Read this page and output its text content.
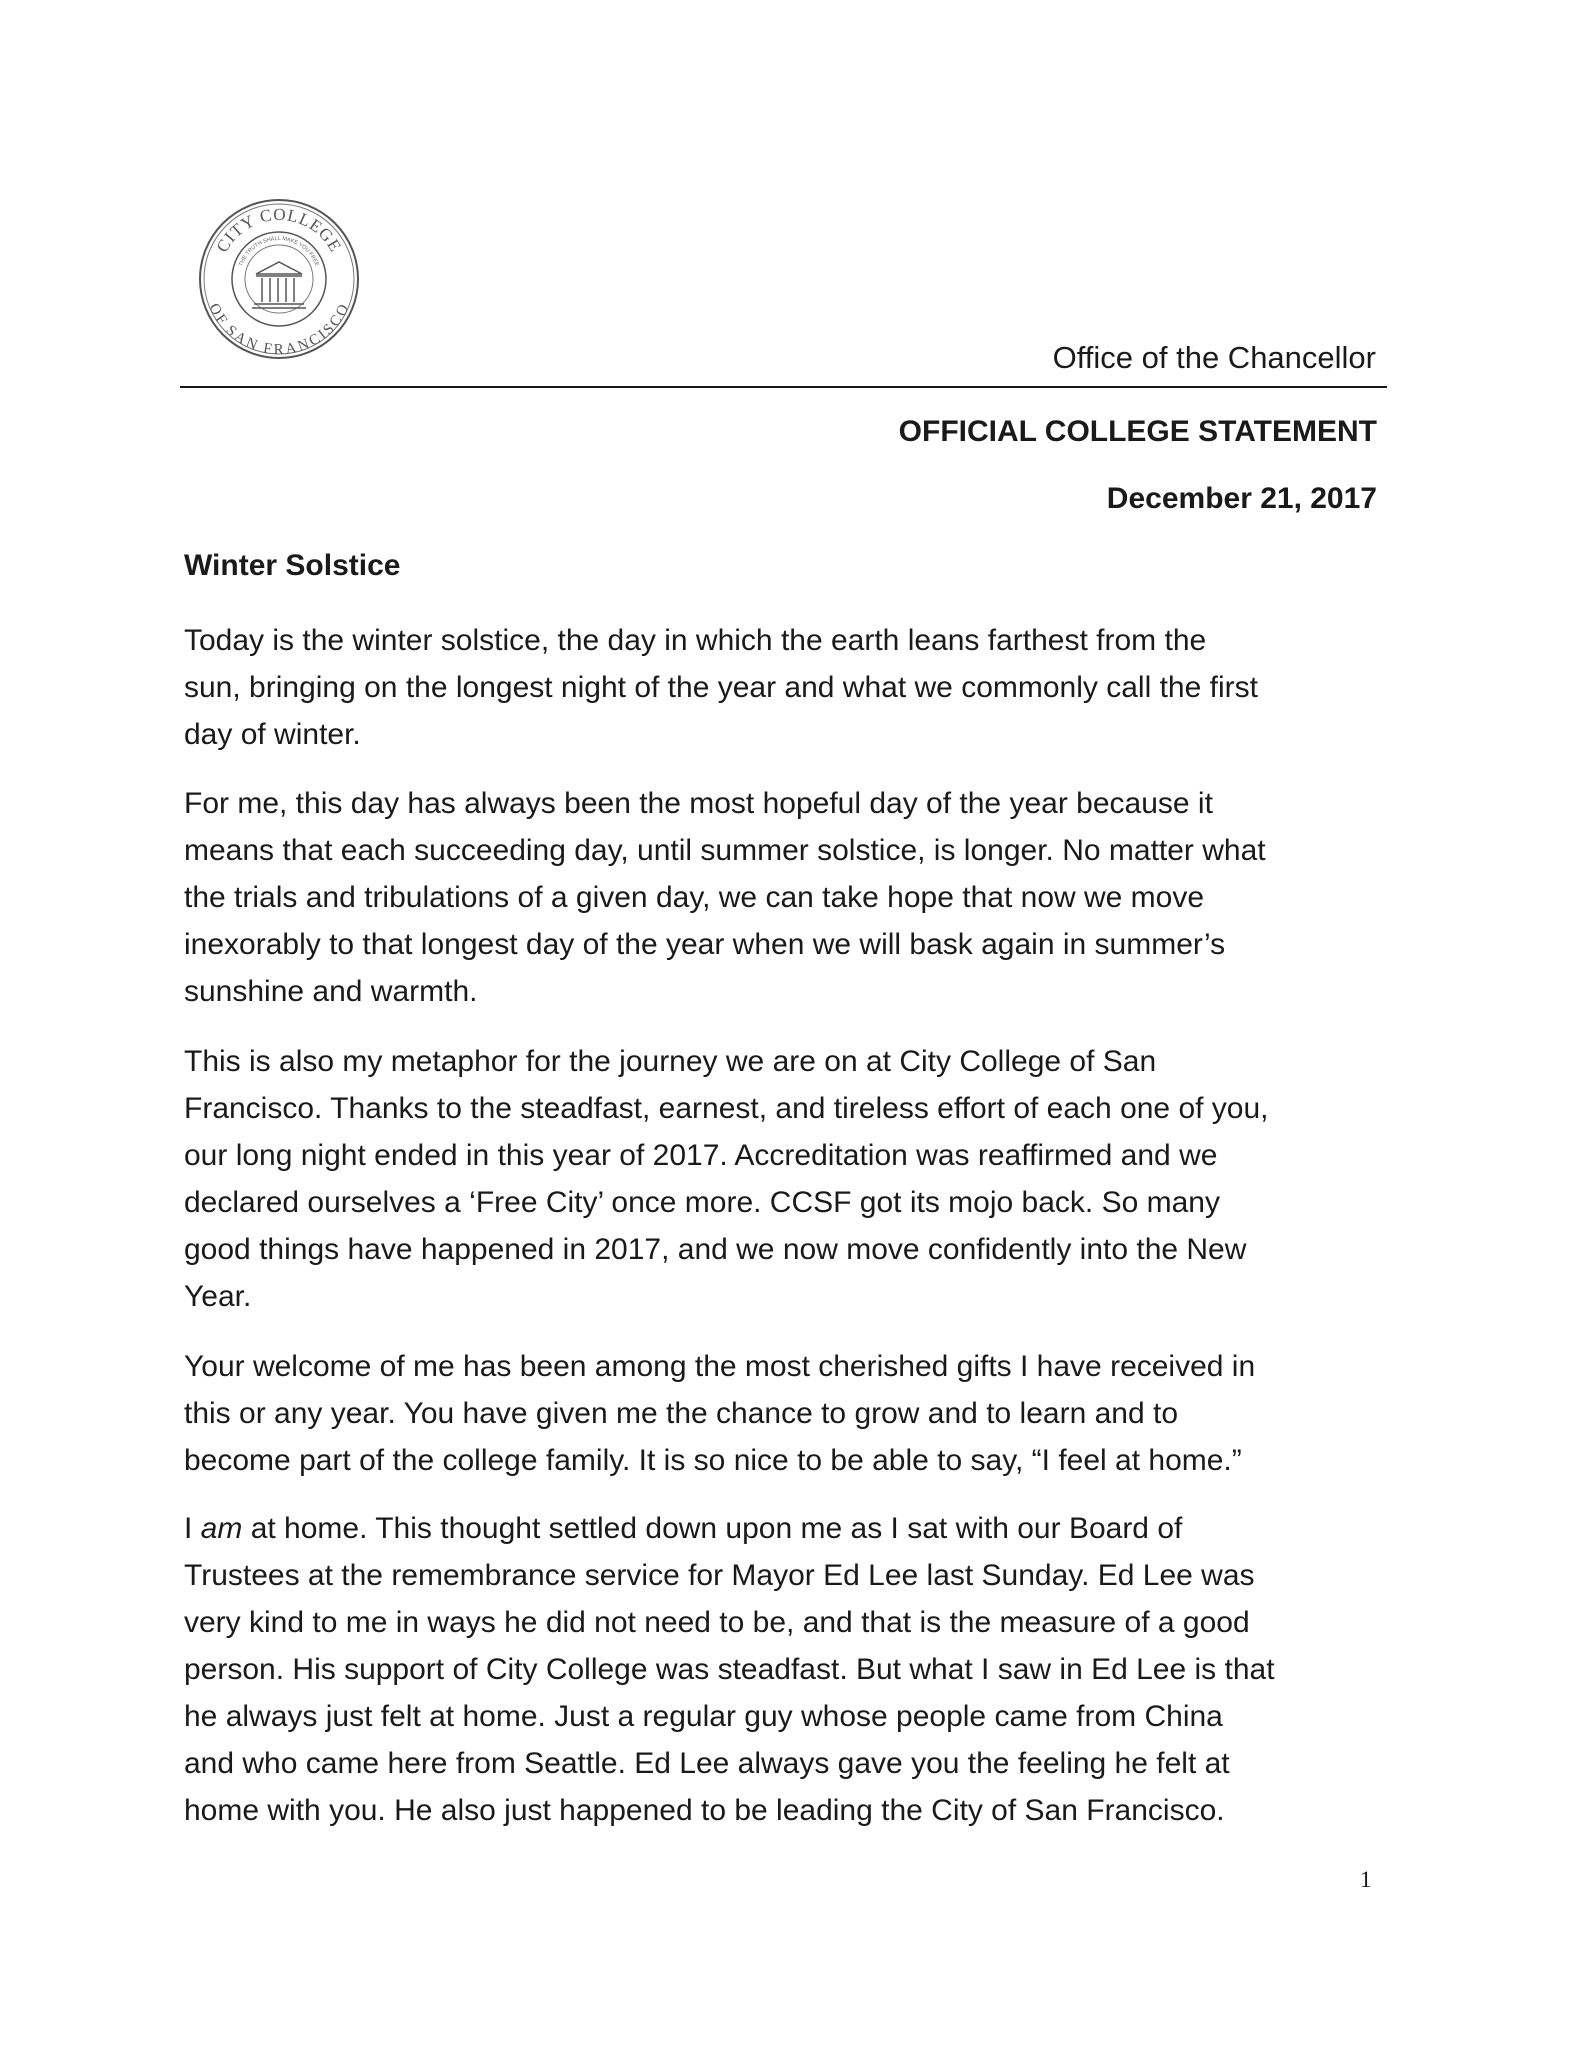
CITY COLLEGE
OF SAN FRANCISCO
THE TRUTH SHALL MAKE YOU FREE
Office of the Chancellor
OFFICIAL COLLEGE STATEMENT
December 21, 2017
Winter Solstice

Today is the winter solstice, the day in which the earth leans farthest from the
sun, bringing on the longest night of the year and what we commonly call the first
day of winter.

For me, this day has always been the most hopeful day of the year because it
means that each succeeding day, until summer solstice, is longer. No matter what
the trials and tribulations of a given day, we can take hope that now we move
inexorably to that longest day of the year when we will bask again in summer’s
sunshine and warmth.

This is also my metaphor for the journey we are on at City College of San
Francisco. Thanks to the steadfast, earnest, and tireless effort of each one of you,
our long night ended in this year of 2017. Accreditation was reaffirmed and we
declared ourselves a ‘Free City’ once more. CCSF got its mojo back. So many
good things have happened in 2017, and we now move confidently into the New
Year.

Your welcome of me has been among the most cherished gifts I have received in
this or any year. You have given me the chance to grow and to learn and to
become part of the college family. It is so nice to be able to say, “I feel at home.”

I am at home. This thought settled down upon me as I sat with our Board of
Trustees at the remembrance service for Mayor Ed Lee last Sunday. Ed Lee was
very kind to me in ways he did not need to be, and that is the measure of a good
person. His support of City College was steadfast. But what I saw in Ed Lee is that
he always just felt at home. Just a regular guy whose people came from China
and who came here from Seattle. Ed Lee always gave you the feeling he felt at
home with you. He also just happened to be leading the City of San Francisco.

1
